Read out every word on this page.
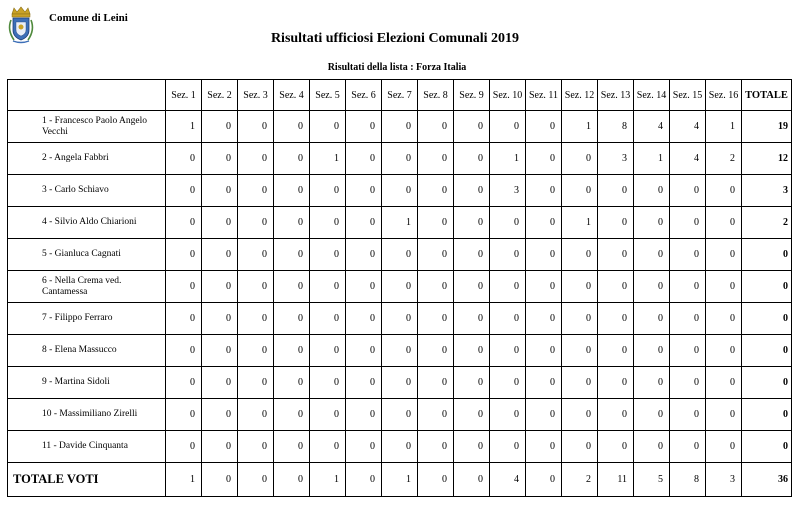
Comune di Leini
Risultati ufficiosi Elezioni Comunali 2019
Risultati della lista : Forza Italia
	Sez. 1	Sez. 2	Sez. 3	Sez. 4	Sez. 5	Sez. 6	Sez. 7	Sez. 8	Sez. 9	Sez. 10	Sez. 11	Sez. 12	Sez. 13	Sez. 14	Sez. 15	Sez. 16	TOTALE
1 - Francesco Paolo Angelo Vecchi	1	0	0	0	0	0	0	0	0	0	0	1	8	4	4	1	19
2 - Angela Fabbri	0	0	0	0	1	0	0	0	0	1	0	0	3	1	4	2	12
3 - Carlo Schiavo	0	0	0	0	0	0	0	0	0	3	0	0	0	0	0	0	3
4 - Silvio Aldo Chiarioni	0	0	0	0	0	0	1	0	0	0	0	1	0	0	0	0	2
5 - Gianluca Cagnati	0	0	0	0	0	0	0	0	0	0	0	0	0	0	0	0	0
6 - Nella Crema ved. Cantamessa	0	0	0	0	0	0	0	0	0	0	0	0	0	0	0	0	0
7 - Filippo Ferraro	0	0	0	0	0	0	0	0	0	0	0	0	0	0	0	0	0
8 - Elena Massucco	0	0	0	0	0	0	0	0	0	0	0	0	0	0	0	0	0
9 - Martina Sidoli	0	0	0	0	0	0	0	0	0	0	0	0	0	0	0	0	0
10 - Massimiliano Zirelli	0	0	0	0	0	0	0	0	0	0	0	0	0	0	0	0	0
11 - Davide Cinquanta	0	0	0	0	0	0	0	0	0	0	0	0	0	0	0	0	0
TOTALE VOTI	1	0	0	0	1	0	1	0	0	4	0	2	11	5	8	3	36
